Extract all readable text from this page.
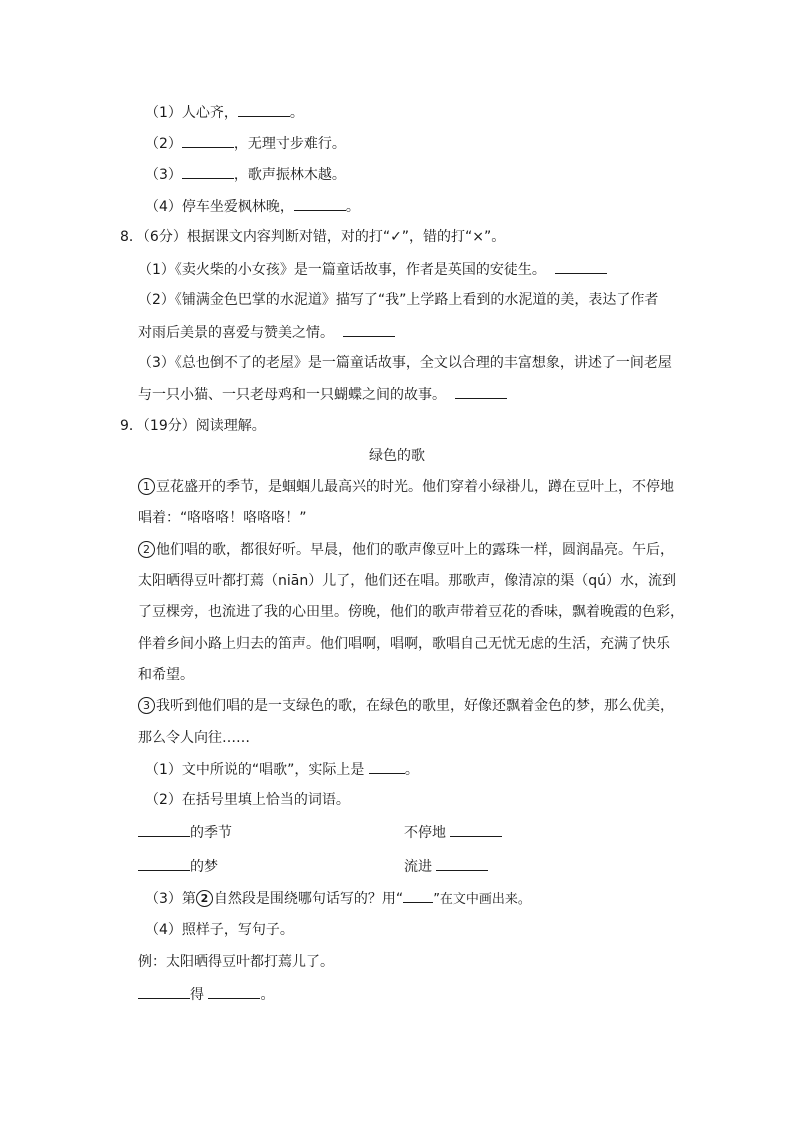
（1）人心齐，	。
（2）	，无理寸步难行。
（3）	，歌声振林木越。
（4）停车坐爱枫林晚，	。
8．（6分）根据课文内容判断对错，对的打“✓”，错的打“×”。
（1）《卖火柴的小女孩》是一篇童话故事，作者是英国的安徒生。
（2）《铺满金色巴掌的水泥道》描写了“我”上学路上看到的水泥道的美，表达了作者
对雨后美景的喜爱与赞美之情。
（3）《总也倒不了的老屋》是一篇童话故事，全文以合理的丰富想象，讲述了一间老屋
与一只小猫、一只老母鸡和一只蝴蝶之间的故事。
9．（19分）阅读理解。
绿色的歌
1 豆花盛开的季节，是蝈蝈儿最高兴的时光。他们穿着小绿褂儿，蹲在豆叶上，不停地
唱着：“咯咯咯！咯咯咯！”
2 他们唱的歌，都很好听。早晨，他们的歌声像豆叶上的露珠一样，圆润晶亮。午后，
太阳晒得豆叶都打蔫（niān）儿了，他们还在唱。那歌声，像清凉的渠（qú）水，流到
了豆棵旁，也流进了我的心田里。傍晚，他们的歌声带着豆花的香味，飘着晚霞的色彩，
伴着乡间小路上归去的笛声。他们唱啊，唱啊，歌唱自己无忧无虑的生活，充满了快乐
和希望。
3 我听到他们唱的是一支绿色的歌，在绿色的歌里，好像还飘着金色的梦，那么优美，
那么令人向往……
（1）文中所说的“唱歌”，实际上是	。
（2）在括号里填上恰当的词语。
的季节	不停地
的梦	流进
（3）第 2 自然段是围绕哪句话写的？用“ ”在文中画出来。
（4）照样子，写句子。
例：太阳晒得豆叶都打蔫儿了。
得	。
